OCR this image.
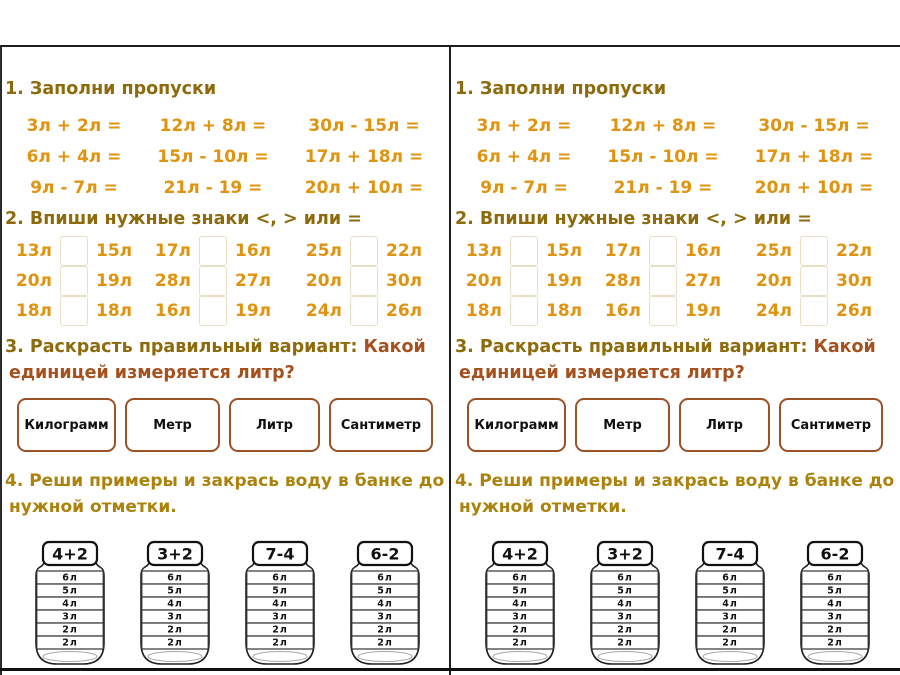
1. Заполни пропуски
3л + 2л = 12л + 8л = 30л - 15л =
6л + 4л = 15л - 10л = 17л + 18л =
9л - 7л =	21л - 19 = 20л + 10л =
2. Впиши нужные знаки <, > или =
13л	15л 17л	16л 25л	22л
20л	19л 28л	27л 20л	30л
18л	18л 16л	19л 24л	26л

3. Раскрасть правильный вариант: Какой
единицей измеряется литр?

Килограмм	Метр	Литр	Сантиметр

4. Реши примеры и закрась воду в банке до
нужной отметки.

6л
5л
4л
3л
2л
2л
4+2
6л
5л
4л
3л
2л
2л
3+2
6л
5л
4л
3л
2л
2л
7-4
6л
5л
4л
3л
2л
2л
6-2
1. Заполни пропуски
3л + 2л = 12л + 8л = 30л - 15л =
6л + 4л = 15л - 10л = 17л + 18л =
9л - 7л =	21л - 19 = 20л + 10л =
2. Впиши нужные знаки <, > или =
13л	15л 17л	16л 25л	22л
20л	19л 28л	27л 20л	30л
18л	18л 16л	19л 24л	26л

3. Раскрасть правильный вариант: Какой
единицей измеряется литр?

Килограмм	Метр	Литр	Сантиметр

4. Реши примеры и закрась воду в банке до
нужной отметки.

6л
5л
4л
3л
2л
2л
4+2
6л
5л
4л
3л
2л
2л
3+2
6л
5л
4л
3л
2л
2л
7-4
6л
5л
4л
3л
2л
2л
6-2
